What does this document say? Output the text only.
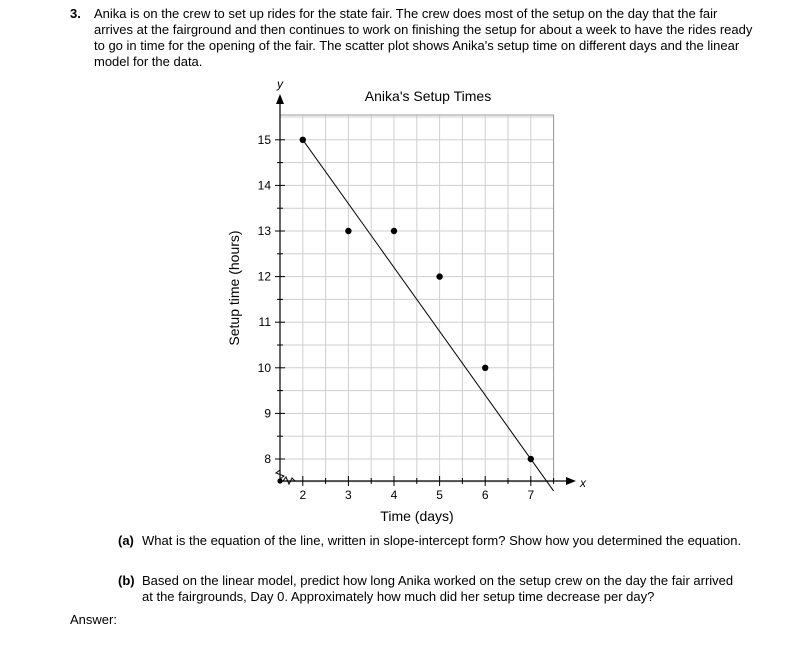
3. Anika is on the crew to set up rides for the state fair. The crew does most of the setup on the day that the fair arrives at the fairground and then continues to work on finishing the setup for about a week to have the rides ready to go in time for the opening of the fair. The scatter plot shows Anika's setup time on different days and the linear model for the data.
8
9
10
11
12
13
14
15
2	3	4	5	6	7
Anika's Setup Times
Time (days)
Setup time (hours)
x
y
(a) What is the equation of the line, written in slope-intercept form? Show how you determined the equation.
(b) Based on the linear model, predict how long Anika worked on the setup crew on the day the fair arrived at the fairgrounds, Day 0. Approximately how much did her setup time decrease per day?
Answer:
